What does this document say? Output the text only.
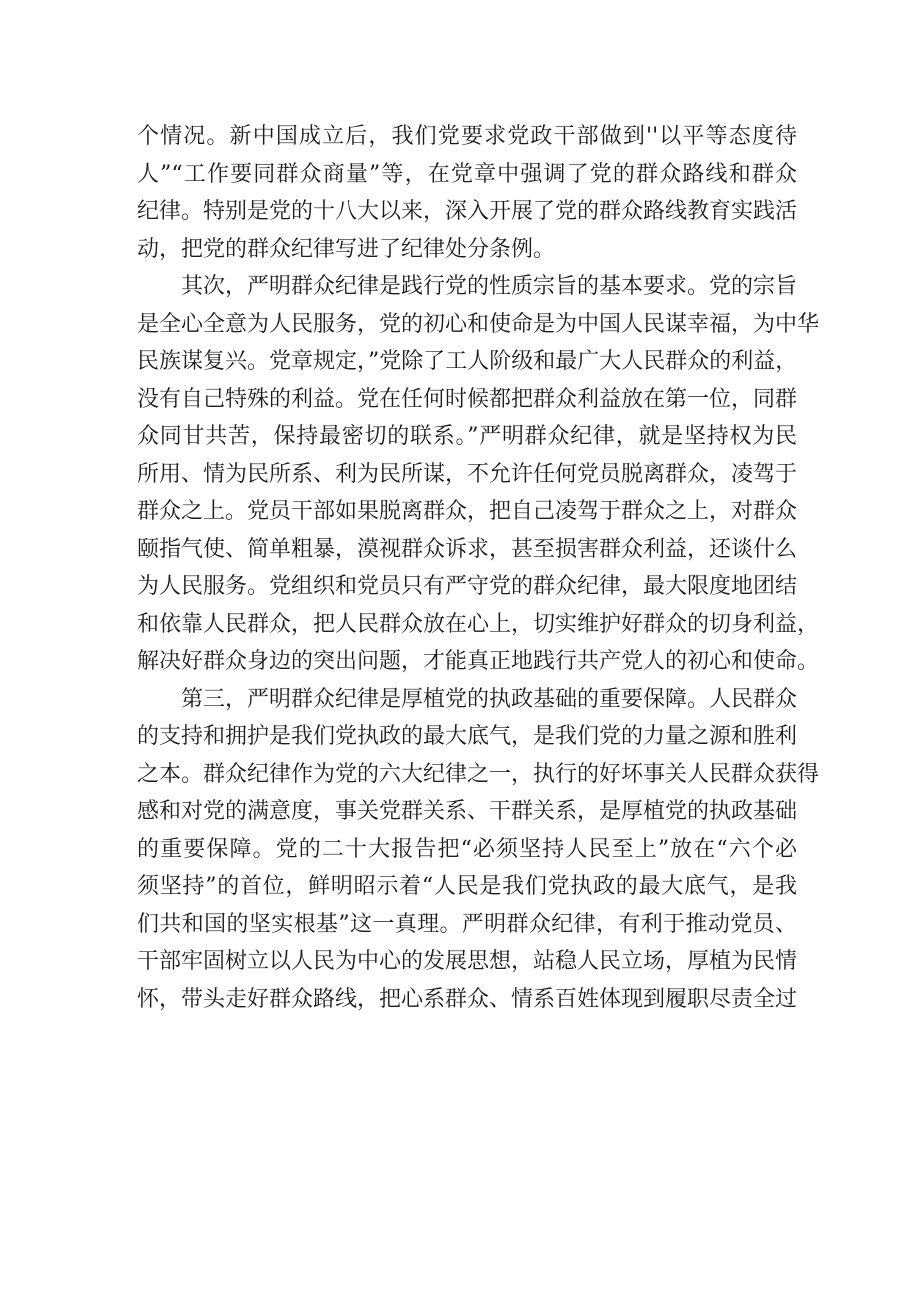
个情况。新中国成立后，我们党要求党政干部做到''以平等态度待
人”“工作要同群众商量”等，在党章中强调了党的群众路线和群众
纪律。特别是党的十八大以来，深入开展了党的群众路线教育实践活
动，把党的群众纪律写进了纪律处分条例。
其次，严明群众纪律是践行党的性质宗旨的基本要求。党的宗旨
是全心全意为人民服务，党的初心和使命是为中国人民谋幸福，为中华
民族谋复兴。党章规定，”党除了工人阶级和最广大人民群众的利益，
没有自己特殊的利益。党在任何时候都把群众利益放在第一位，同群
众同甘共苦，保持最密切的联系。”严明群众纪律，就是坚持权为民
所用、情为民所系、利为民所谋，不允许任何党员脱离群众，凌驾于
群众之上。党员干部如果脱离群众，把自己凌驾于群众之上，对群众
颐指气使、简单粗暴，漠视群众诉求，甚至损害群众利益，还谈什么
为人民服务。党组织和党员只有严守党的群众纪律，最大限度地团结
和依靠人民群众，把人民群众放在心上，切实维护好群众的切身利益，
解决好群众身边的突出问题，才能真正地践行共产党人的初心和使命。
第三，严明群众纪律是厚植党的执政基础的重要保障。人民群众
的支持和拥护是我们党执政的最大底气，是我们党的力量之源和胜利
之本。群众纪律作为党的六大纪律之一，执行的好坏事关人民群众获得
感和对党的满意度，事关党群关系、干群关系，是厚植党的执政基础
的重要保障。党的二十大报告把“必须坚持人民至上”放在“六个必
须坚持”的首位，鲜明昭示着“人民是我们党执政的最大底气，是我
们共和国的坚实根基”这一真理。严明群众纪律，有利于推动党员、
干部牢固树立以人民为中心的发展思想，站稳人民立场，厚植为民情
怀，带头走好群众路线，把心系群众、情系百姓体现到履职尽责全过
